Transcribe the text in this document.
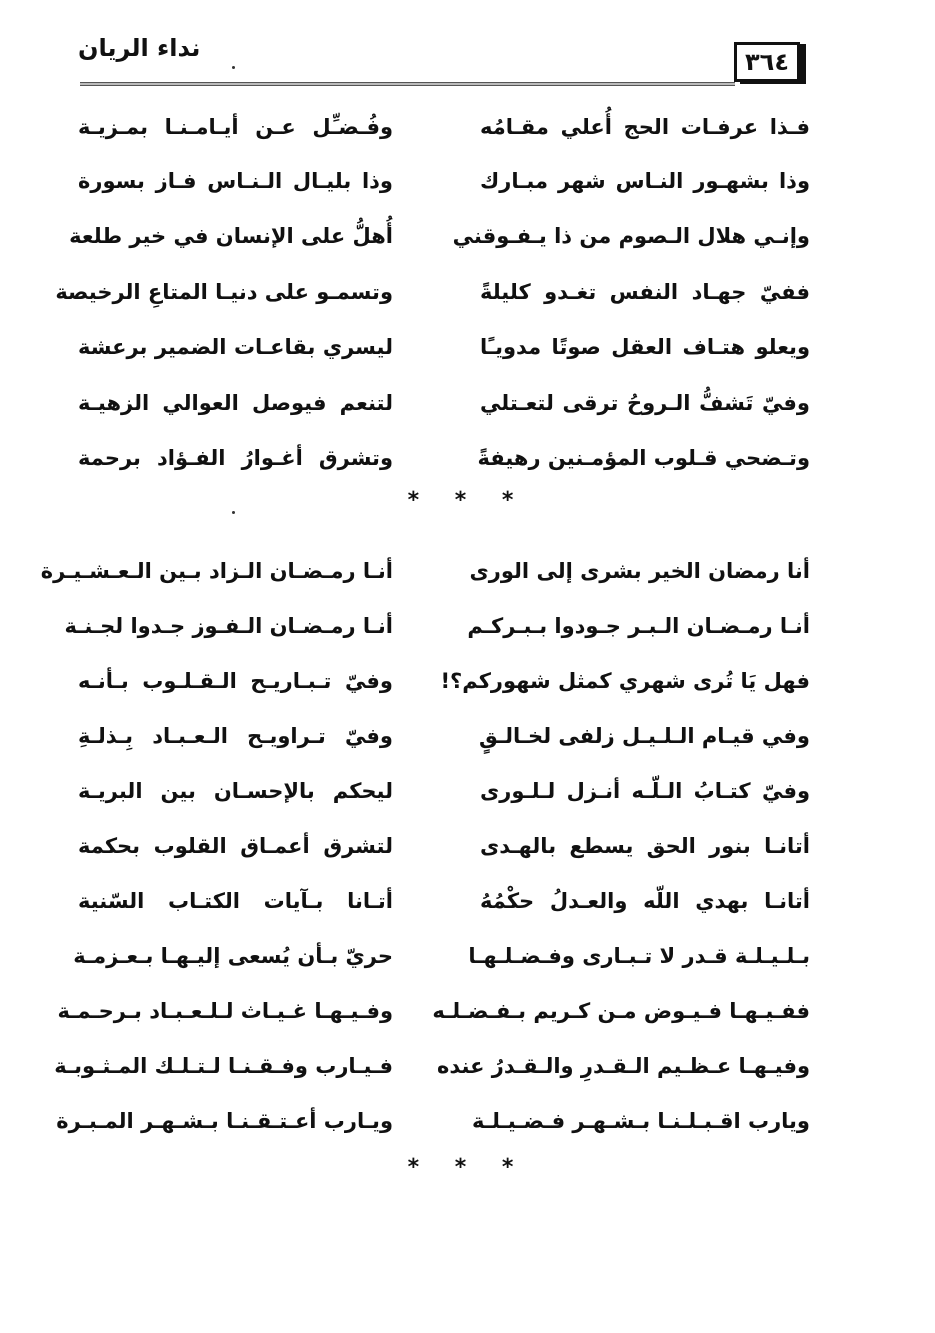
نداء الريان	٣٦٤
فـذا عرفـات الحج أُعلي مقـامُه
وفُـضـِّل عـن أيـامـنـا بمـزيـة
وذا بشهـور النـاس شهر مبـارك
وذا بليـال الـنـاس فـاز بسورة
وإنـي هلال الـصوم من ذا يـفـوقني
أُهلُّ على الإنسان في خير طلعة
ففيّ جهـاد النفس تغـدو كليلةً
وتسمـو على دنيـا المتاعِ الرخيصة
ويعلو هتـاف العقل صوتًا مدويـًا
ليسري بقاعـات الضمير برعشة
وفيّ تَشفُّ الـروحُ ترقى لتعـتلي
لتنعم فيوصل العوالي الزهيـة
وتـضحي قـلوب المؤمـنين رهيفةً
وتشرق أغـوارُ الفـؤاد برحمة
* * *
أنا رمضان الخير بشرى إلى الورى
أنـا رمـضـان الـزاد بـين الـعـشـيـرة
أنـا رمـضـان الـبـر جـودوا بـبـركـم
أنـا رمـضـان الـفـوز جـدوا لجـنـة
فهل يَا تُرى شهري كمثل شهوركم؟!
وفيّ تـبـاريـح الـقـلـوب بـأنـه
وفي قيـام الـلـيـل زلفى لخـالـقٍ
وفيّ تـراويـح الـعـبـاد بِـذلـةِ
وفيّ كتـابُ الـلّـه أنـزل لـلـورى
ليحكم بالإحسـان بين البريـة
أتانـا بنور الحق يسطع بالهـدى
لتشرق أعمـاق القلوب بحكمة
أتانـا بهدي اللّه والعـدلُ حكْمُهُ
أتـانا بـآيات الكتـاب السّنية
بـلـيـلـة قـدر لا تـبـارى وفـضـلـهـا
حريّ بـأن يُسعى إليـهـا بـعـزمـة
ففـيـهـا فـيـوض مـن كـريم بـفـضـلـه
وفـيـهـا غـيـاث لـلـعـبـاد بـرحـمـة
وفيـهـا عـظـيم الـقـدرِ والـقـدرُ عنده
فـيـارب وفـقـنـا لـتـلـك المـثـوبـة
ويارب اقـبـلـنـا بـشـهـر فـضـيـلـة
ويـارب أعـتـقـنـا بـشـهـر المـبـرة
* * *
